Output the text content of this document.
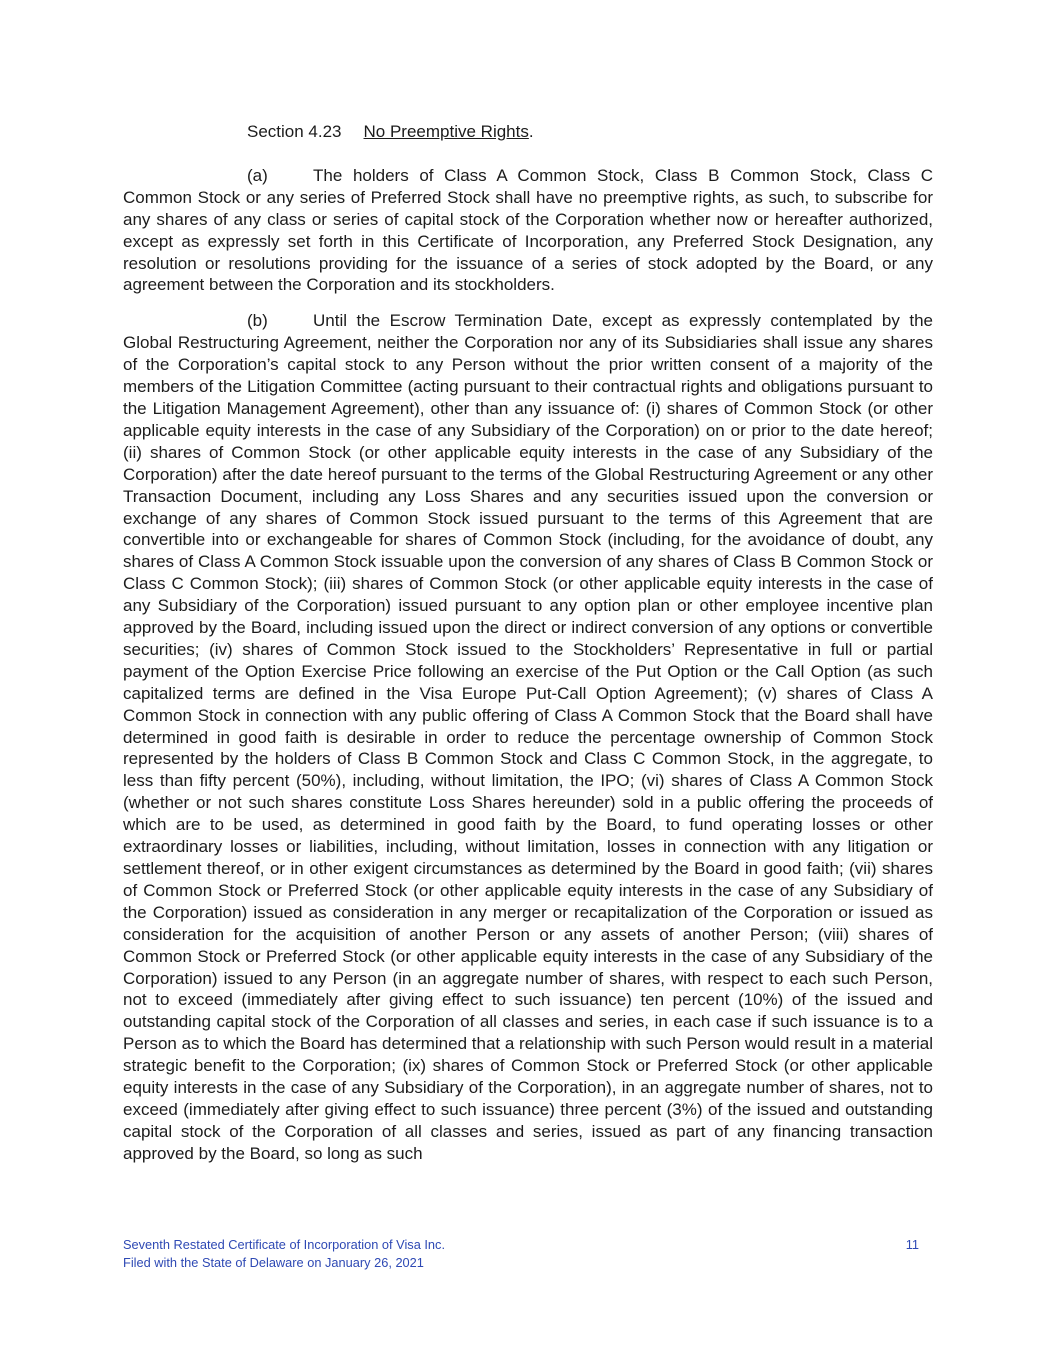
Section 4.23 No Preemptive Rights.

(a)	The holders of Class A Common Stock, Class B Common Stock, Class C Common Stock or any series of Preferred Stock shall have no preemptive rights, as such, to subscribe for any shares of any class or series of capital stock of the Corporation whether now or hereafter authorized, except as expressly set forth in this Certificate of Incorporation, any Preferred Stock Designation, any resolution or resolutions providing for the issuance of a series of stock adopted by the Board, or any agreement between the Corporation and its stockholders.

(b)	Until the Escrow Termination Date, except as expressly contemplated by the Global Restructuring Agreement, neither the Corporation nor any of its Subsidiaries shall issue any shares of the Corporation’s capital stock to any Person without the prior written consent of a majority of the members of the Litigation Committee (acting pursuant to their contractual rights and obligations pursuant to the Litigation Management Agreement), other than any issuance of: (i) shares of Common Stock (or other applicable equity interests in the case of any Subsidiary of the Corporation) on or prior to the date hereof; (ii) shares of Common Stock (or other applicable equity interests in the case of any Subsidiary of the Corporation) after the date hereof pursuant to the terms of the Global Restructuring Agreement or any other Transaction Document, including any Loss Shares and any securities issued upon the conversion or exchange of any shares of Common Stock issued pursuant to the terms of this Agreement that are convertible into or exchangeable for shares of Common Stock (including, for the avoidance of doubt, any shares of Class A Common Stock issuable upon the conversion of any shares of Class B Common Stock or Class C Common Stock); (iii) shares of Common Stock (or other applicable equity interests in the case of any Subsidiary of the Corporation) issued pursuant to any option plan or other employee incentive plan approved by the Board, including issued upon the direct or indirect conversion of any options or convertible securities; (iv) shares of Common Stock issued to the Stockholders’ Representative in full or partial payment of the Option Exercise Price following an exercise of the Put Option or the Call Option (as such capitalized terms are defined in the Visa Europe Put-Call Option Agreement); (v) shares of Class A Common Stock in connection with any public offering of Class A Common Stock that the Board shall have determined in good faith is desirable in order to reduce the percentage ownership of Common Stock represented by the holders of Class B Common Stock and Class C Common Stock, in the aggregate, to less than fifty percent (50%), including, without limitation, the IPO; (vi) shares of Class A Common Stock (whether or not such shares constitute Loss Shares hereunder) sold in a public offering the proceeds of which are to be used, as determined in good faith by the Board, to fund operating losses or other extraordinary losses or liabilities, including, without limitation, losses in connection with any litigation or settlement thereof, or in other exigent circumstances as determined by the Board in good faith; (vii) shares of Common Stock or Preferred Stock (or other applicable equity interests in the case of any Subsidiary of the Corporation) issued as consideration in any merger or recapitalization of the Corporation or issued as consideration for the acquisition of another Person or any assets of another Person; (viii) shares of Common Stock or Preferred Stock (or other applicable equity interests in the case of any Subsidiary of the Corporation) issued to any Person (in an aggregate number of shares, with respect to each such Person, not to exceed (immediately after giving effect to such issuance) ten percent (10%) of the issued and outstanding capital stock of the Corporation of all classes and series, in each case if such issuance is to a Person as to which the Board has determined that a relationship with such Person would result in a material strategic benefit to the Corporation; (ix) shares of Common Stock or Preferred Stock (or other applicable equity interests in the case of any Subsidiary of the Corporation), in an aggregate number of shares, not to exceed (immediately after giving effect to such issuance) three percent (3%) of the issued and outstanding capital stock of the Corporation of all classes and series, issued as part of any financing transaction approved by the Board, so long as such

Seventh Restated Certificate of Incorporation of Visa Inc.
Filed with the State of Delaware on January 26, 2021
11
